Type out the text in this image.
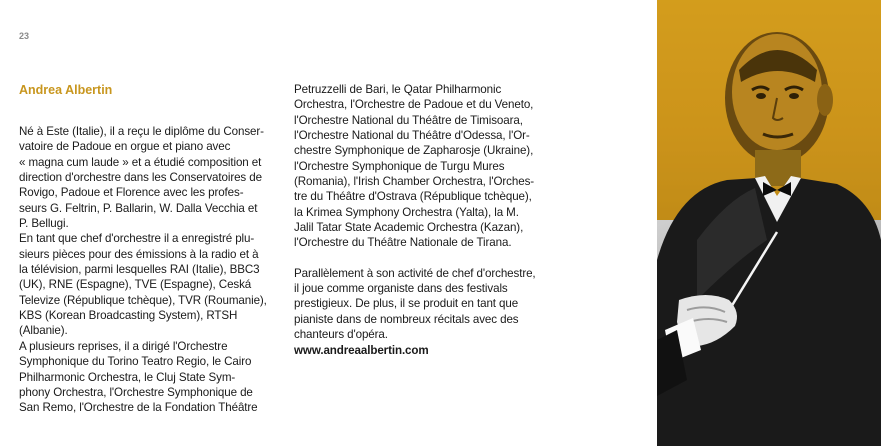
23
Andrea Albertin

Né à Este (Italie), il a reçu le diplôme du Conser-
vatoire de Padoue en orgue et piano avec
« magna cum laude » et a étudié composition et
direction d'orchestre dans les Conservatoires de
Rovigo, Padoue et Florence avec les profes-
seurs G. Feltrin, P. Ballarin, W. Dalla Vecchia et
P. Bellugi.

En tant que chef d'orchestre il a enregistré plu-
sieurs pièces pour des émissions à la radio et à
la télévision, parmi lesquelles RAI (Italie), BBC3
(UK), RNE (Espagne), TVE (Espagne), Ceská
Televize (République tchèque), TVR (Roumanie),
KBS (Korean Broadcasting System), RTSH
(Albanie).

A plusieurs reprises, il a dirigé l'Orchestre
Symphonique du Torino Teatro Regio, le Cairo
Philharmonic Orchestra, le Cluj State Sym-
phony Orchestra, l'Orchestre Symphonique de
San Remo, l'Orchestre de la Fondation Théâtre

Petruzzelli de Bari, le Qatar Philharmonic
Orchestra, l'Orchestre de Padoue et du Veneto,
l'Orchestre National du Théâtre de Timisoara,
l'Orchestre National du Théâtre d'Odessa, l'Or-
chestre Symphonique de Zapharosje (Ukraine),
l'Orchestre Symphonique de Turgu Mures
(Romania), l'Irish Chamber Orchestra, l'Orches-
tre du Théâtre d'Ostrava (République tchèque),
la Krimea Symphony Orchestra (Yalta), la M.
Jalil Tatar State Academic Orchestra (Kazan),
l'Orchestre du Théâtre Nationale de Tirana.

Parallèlement à son activité de chef d'orchestre,
il joue comme organiste dans des festivals
prestigieux. De plus, il se produit en tant que
pianiste dans de nombreux récitals avec des
chanteurs d'opéra.
www.andreaalbertin.com
